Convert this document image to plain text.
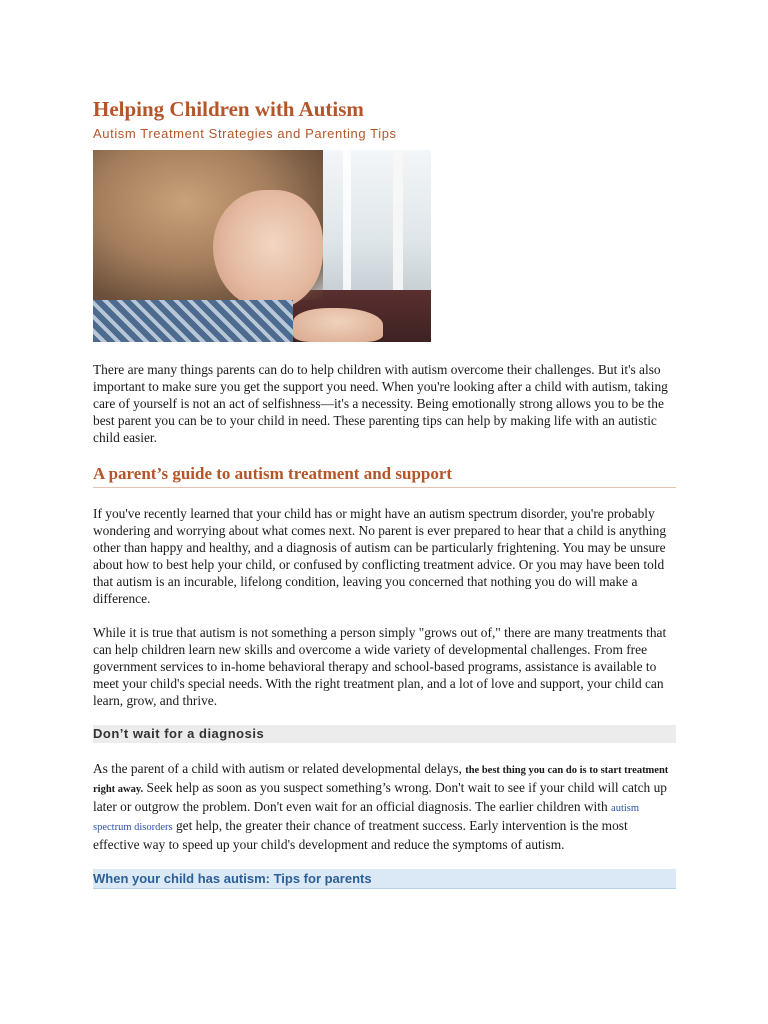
Helping Children with Autism
Autism Treatment Strategies and Parenting Tips

There are many things parents can do to help children with autism overcome their challenges. But it's also important to make sure you get the support you need. When you're looking after a child with autism, taking care of yourself is not an act of selfishness—it's a necessity. Being emotionally strong allows you to be the best parent you can be to your child in need. These parenting tips can help by making life with an autistic child easier.

A parent’s guide to autism treatment and support

If you've recently learned that your child has or might have an autism spectrum disorder, you're probably wondering and worrying about what comes next. No parent is ever prepared to hear that a child is anything other than happy and healthy, and a diagnosis of autism can be particularly frightening. You may be unsure about how to best help your child, or confused by conflicting treatment advice. Or you may have been told that autism is an incurable, lifelong condition, leaving you concerned that nothing you do will make a difference.

While it is true that autism is not something a person simply "grows out of," there are many treatments that can help children learn new skills and overcome a wide variety of developmental challenges. From free government services to in-home behavioral therapy and school-based programs, assistance is available to meet your child's special needs. With the right treatment plan, and a lot of love and support, your child can learn, grow, and thrive.

Don’t wait for a diagnosis

As the parent of a child with autism or related developmental delays, the best thing you can do is to start treatment right away. Seek help as soon as you suspect something’s wrong. Don't wait to see if your child will catch up later or outgrow the problem. Don't even wait for an official diagnosis. The earlier children with autism spectrum disorders get help, the greater their chance of treatment success. Early intervention is the most effective way to speed up your child's development and reduce the symptoms of autism.

When your child has autism: Tips for parents
